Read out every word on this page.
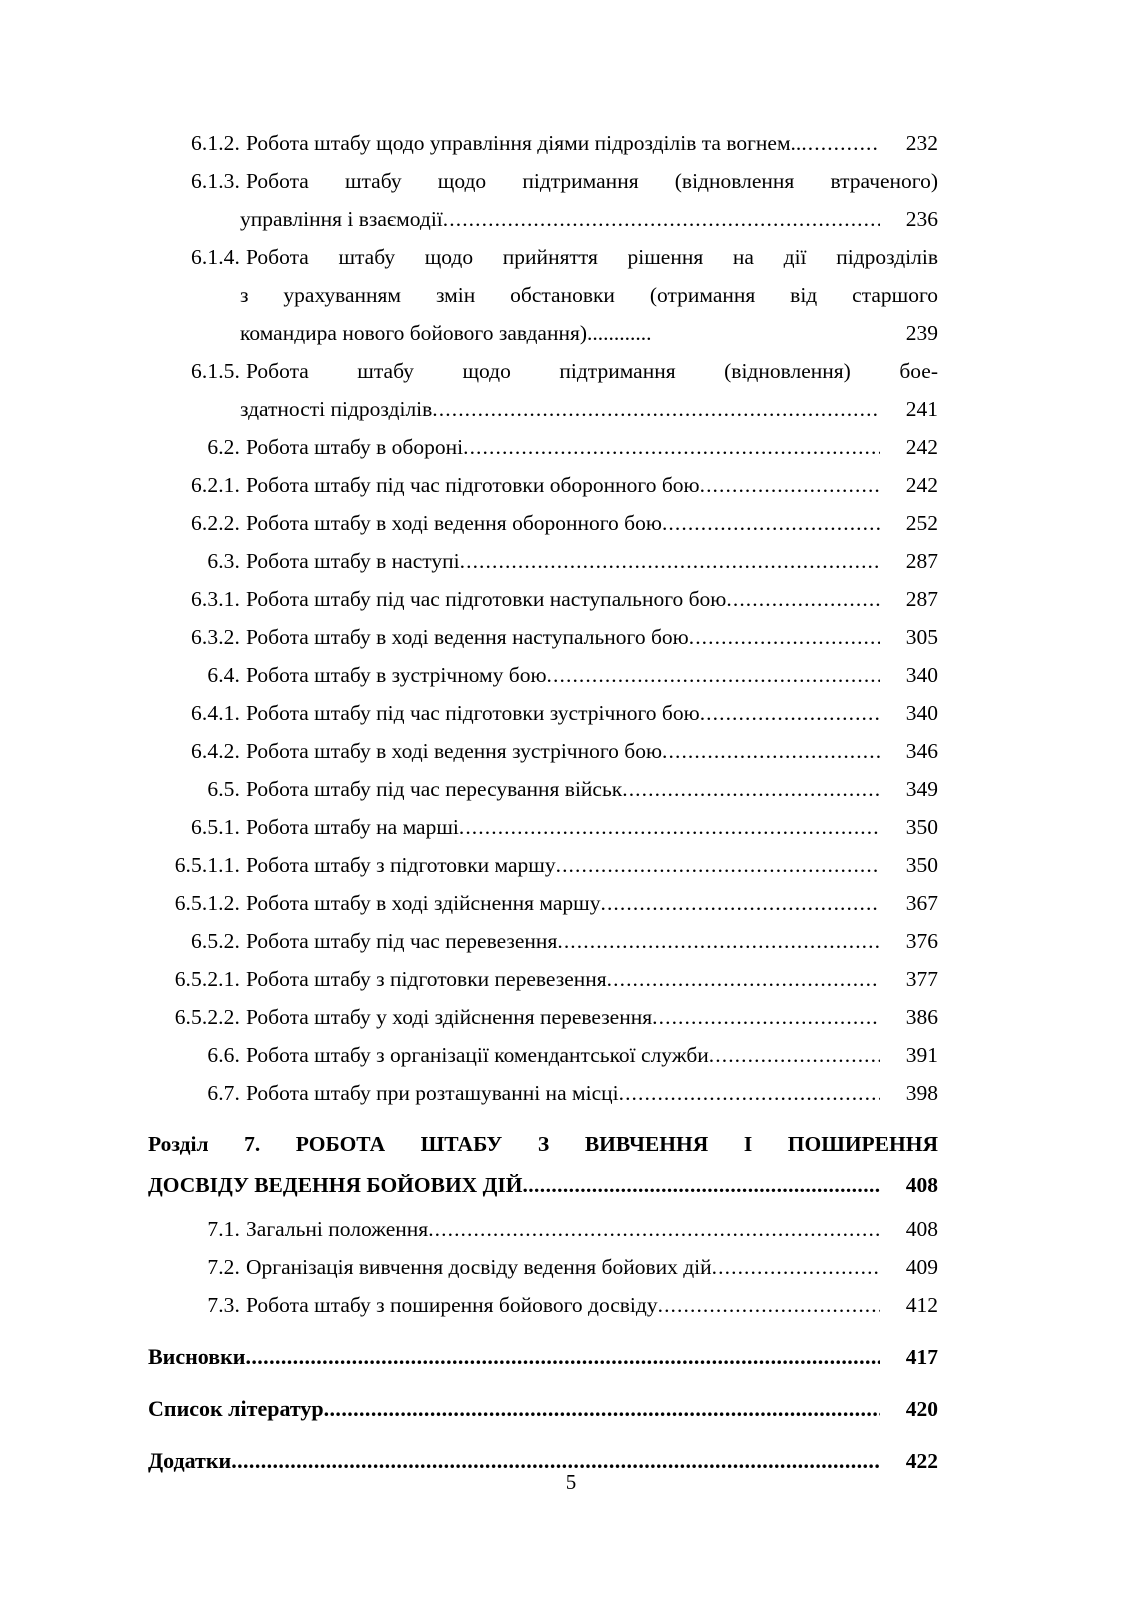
6.1.2. Робота штабу щодо управління діями підрозділів та вогнем.. .....	232
6.1.3. Робота штабу щодо підтримання (відновлення втраченого)
управління і взаємодії .....	236
6.1.4. Робота штабу щодо прийняття рішення на дії підрозділів
з урахуванням змін обстановки (отримання від старшого
командира нового бойового завдання)............	239
6.1.5. Робота штабу щодо підтримання (відновлення) бое-
здатності підрозділів .....	241
6.2. Робота штабу в обороні .....	242
6.2.1. Робота штабу під час підготовки оборонного бою .....	242
6.2.2. Робота штабу в ході ведення оборонного бою .....	252
6.3. Робота штабу в наступі .....	287
6.3.1. Робота штабу під час підготовки наступального бою .....	287
6.3.2. Робота штабу в ході ведення наступального бою .....	305
6.4. Робота штабу в зустрічному бою .....	340
6.4.1. Робота штабу під час підготовки зустрічного бою .....	340
6.4.2. Робота штабу в ході ведення зустрічного бою .....	346
6.5. Робота штабу під час пересування військ .....	349
6.5.1. Робота штабу на марші .....	350
6.5.1.1. Робота штабу з підготовки маршу .....	350
6.5.1.2. Робота штабу в ході здійснення маршу .....	367
6.5.2. Робота штабу під час перевезення .....	376
6.5.2.1. Робота штабу з підготовки перевезення .....	377
6.5.2.2. Робота штабу у ході здійснення перевезення .....	386
6.6. Робота штабу з організації комендантської служби .....	391
6.7. Робота штабу при розташуванні на місці .....	398
Розділ 7. РОБОТА ШТАБУ З ВИВЧЕННЯ І ПОШИРЕННЯ
ДОСВІДУ ВЕДЕННЯ БОЙОВИХ ДІЙ .....	408
7.1. Загальні положення .....	408
7.2. Організація вивчення досвіду ведення бойових дій .....	409
7.3. Робота штабу з поширення бойового досвіду .....	412
Висновки .....	417
Список літератур .....	420
Додатки .....	422
5
